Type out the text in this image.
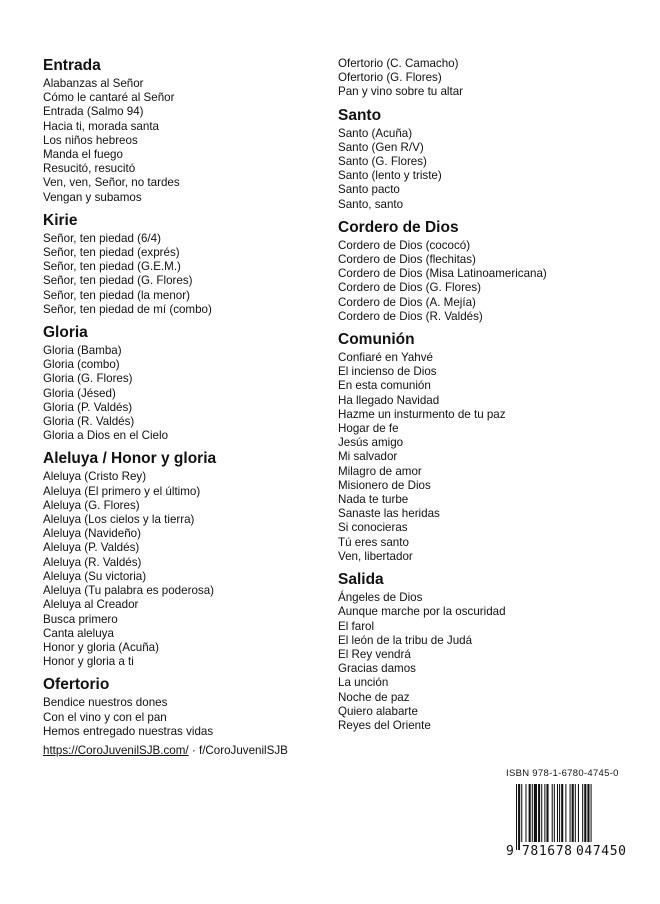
Entrada
Alabanzas al Señor
Cómo le cantaré al Señor
Entrada (Salmo 94)
Hacia ti, morada santa
Los niños hebreos
Manda el fuego
Resucitó, resucitó
Ven, ven, Señor, no tardes
Vengan y subamos
Kirie
Señor, ten piedad (6/4)
Señor, ten piedad (exprés)
Señor, ten piedad (G.E.M.)
Señor, ten piedad (G. Flores)
Señor, ten piedad (la menor)
Señor, ten piedad de mí (combo)
Gloria
Gloria (Bamba)
Gloria (combo)
Gloria (G. Flores)
Gloria (Jésed)
Gloria (P. Valdés)
Gloria (R. Valdés)
Gloria a Dios en el Cielo
Aleluya / Honor y gloria
Aleluya (Cristo Rey)
Aleluya (El primero y el último)
Aleluya (G. Flores)
Aleluya (Los cielos y la tierra)
Aleluya (Navideño)
Aleluya (P. Valdés)
Aleluya (R. Valdés)
Aleluya (Su victoria)
Aleluya (Tu palabra es poderosa)
Aleluya al Creador
Busca primero
Canta aleluya
Honor y gloria (Acuña)
Honor y gloria a ti
Ofertorio
Bendice nuestros dones
Con el vino y con el pan
Hemos entregado nuestras vidas
Ofertorio (C. Camacho)
Ofertorio (G. Flores)
Pan y vino sobre tu altar
Santo
Santo (Acuña)
Santo (Gen R/V)
Santo (G. Flores)
Santo (lento y triste)
Santo pacto
Santo, santo
Cordero de Dios
Cordero de Dios (cococó)
Cordero de Dios (flechitas)
Cordero de Dios (Misa Latinoamericana)
Cordero de Dios (G. Flores)
Cordero de Dios (A. Mejía)
Cordero de Dios (R. Valdés)
Comunión
Confiaré en Yahvé
El incienso de Dios
En esta comunión
Ha llegado Navidad
Hazme un insturmento de tu paz
Hogar de fe
Jesús amigo
Mi salvador
Milagro de amor
Misionero de Dios
Nada te turbe
Sanaste las heridas
Si conocieras
Tú eres santo
Ven, libertador
Salida
Ángeles de Dios
Aunque marche por la oscuridad
El farol
El león de la tribu de Judá
El Rey vendrá
Gracias damos
La unción
Noche de paz
Quiero alabarte
Reyes del Oriente
https://CoroJuvenilSJB.com/ · f/CoroJuvenilSJB
ISBN 978-1-6780-4745-0
9 781678 047450
